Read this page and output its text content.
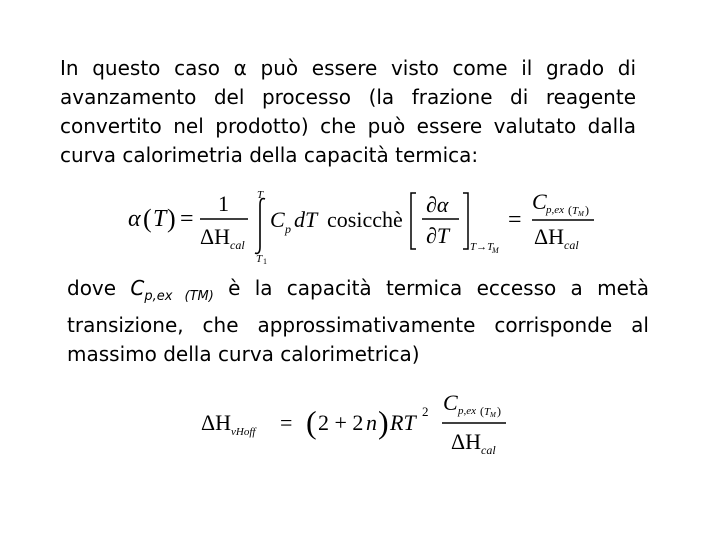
In questo caso α può essere visto come il grado di avanzamento del processo (la frazione di reagente convertito nel prodotto) che può essere valutato dalla curva calorimetria della capacità termica:
α ( T ) =
1
ΔH cal
T
T 1
C p dT cosicchè
∂α
∂T T→T
M
=
C p,ex ( T M )
ΔH cal
dove $C_{p,ex (TM)}$ è la capacità termica eccesso a metà transizione, che approssimativamente corrisponde al massimo della curva calorimetrica)
ΔH vHoff = ( 2 + 2 n ) RT 2 C p,ex ( T M )
ΔH cal
